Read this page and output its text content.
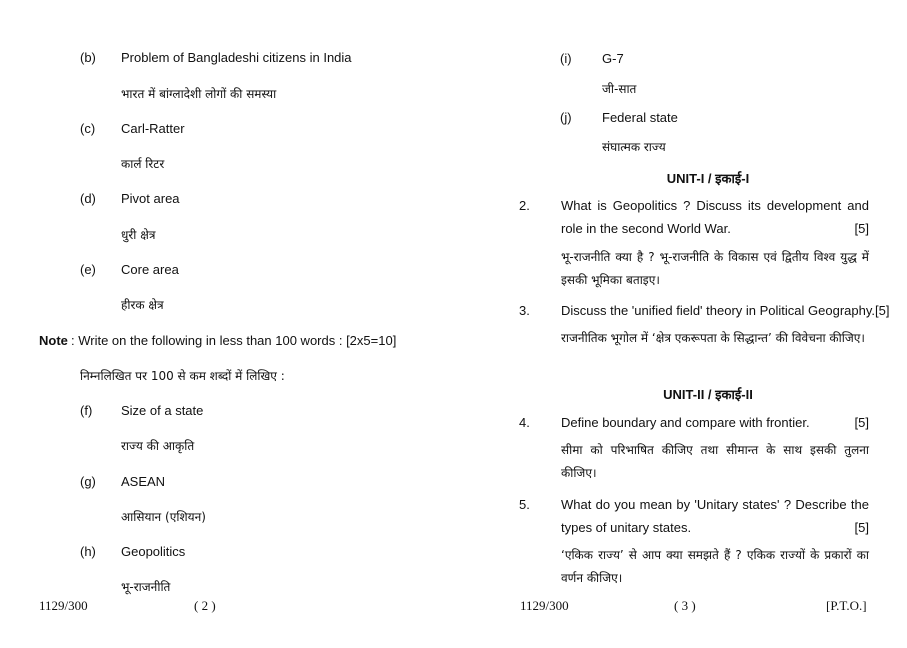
(b) Problem of Bangladeshi citizens in India
भारत में बांग्लादेशी लोगों की समस्या
(c) Carl-Ratter
कार्ल रिटर
(d) Pivot area
धुरी क्षेत्र
(e) Core area
हीरक क्षेत्र
Note : Write on the following in less than 100 words : [2x5=10]
निम्नलिखित पर 100 से कम शब्दों में लिखिए :
(f) Size of a state
राज्य की आकृति
(g) ASEAN
आसियान (एशियन)
(h) Geopolitics
भू-राजनीति
1129/300	( 2 )
(i) G-7
जी-सात
(j) Federal state
संघात्मक राज्य
UNIT-I / इकाई-I
2. What is Geopolitics ? Discuss its development and role in the second World War.	[5]
भू-राजनीति क्या है ? भू-राजनीति के विकास एवं द्वितीय विश्व युद्ध में इसकी भूमिका बताइए।
3. Discuss the 'unified field' theory in Political Geography.[5]
राजनीतिक भूगोल में ‘क्षेत्र एकरूपता के सिद्धान्त’ की विवेचना कीजिए।
UNIT-II / इकाई-II
4. Define boundary and compare with frontier.	[5]
सीमा को परिभाषित कीजिए तथा सीमान्त के साथ इसकी तुलना कीजिए।
5. What do you mean by 'Unitary states' ? Describe the types of unitary states.	[5]
‘एकिक राज्य’ से आप क्या समझते हैं ? एकिक राज्यों के प्रकारों का वर्णन कीजिए।
1129/300	( 3 )	[P.T.O.]
